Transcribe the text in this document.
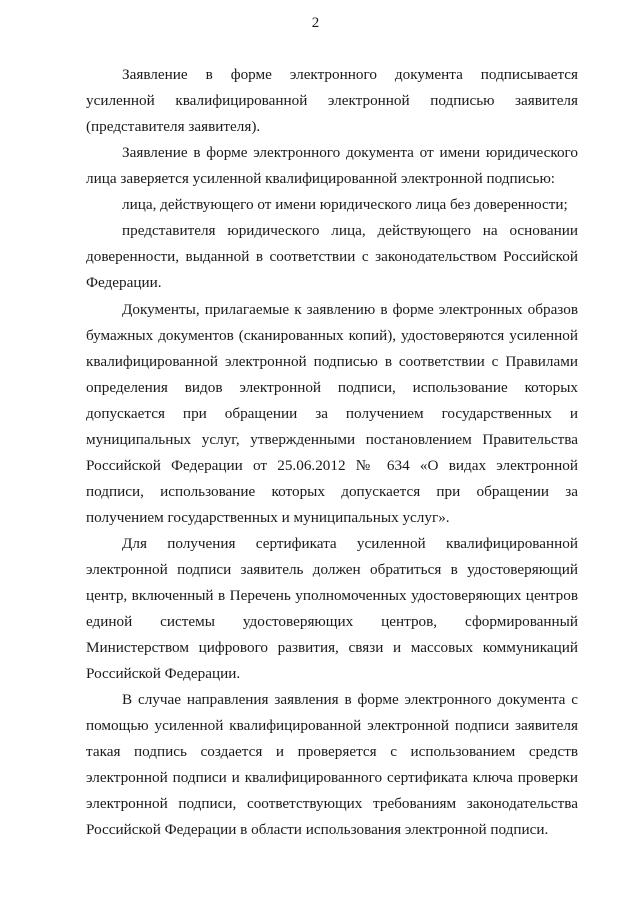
2

Заявление в форме электронного документа подписывается усиленной квалифицированной электронной подписью заявителя (представителя заявителя).

Заявление в форме электронного документа от имени юридического лица заверяется усиленной квалифицированной электронной подписью:

лица, действующего от имени юридического лица без доверенности;

представителя юридического лица, действующего на основании доверенности, выданной в соответствии с законодательством Российской Федерации.

Документы, прилагаемые к заявлению в форме электронных образов бумажных документов (сканированных копий), удостоверяются усиленной квалифицированной электронной подписью в соответствии с Правилами определения видов электронной подписи, использование которых допускается при обращении за получением государственных и муниципальных услуг, утвержденными постановлением Правительства Российской Федерации от 25.06.2012 № 634 «О видах электронной подписи, использование которых допускается при обращении за получением государственных и муниципальных услуг».

Для получения сертификата усиленной квалифицированной электронной подписи заявитель должен обратиться в удостоверяющий центр, включенный в Перечень уполномоченных удостоверяющих центров единой системы удостоверяющих центров, сформированный Министерством цифрового развития, связи и массовых коммуникаций Российской Федерации.

В случае направления заявления в форме электронного документа с помощью усиленной квалифицированной электронной подписи заявителя такая подпись создается и проверяется с использованием средств электронной подписи и квалифицированного сертификата ключа проверки электронной подписи, соответствующих требованиям законодательства Российской Федерации в области использования электронной подписи.
